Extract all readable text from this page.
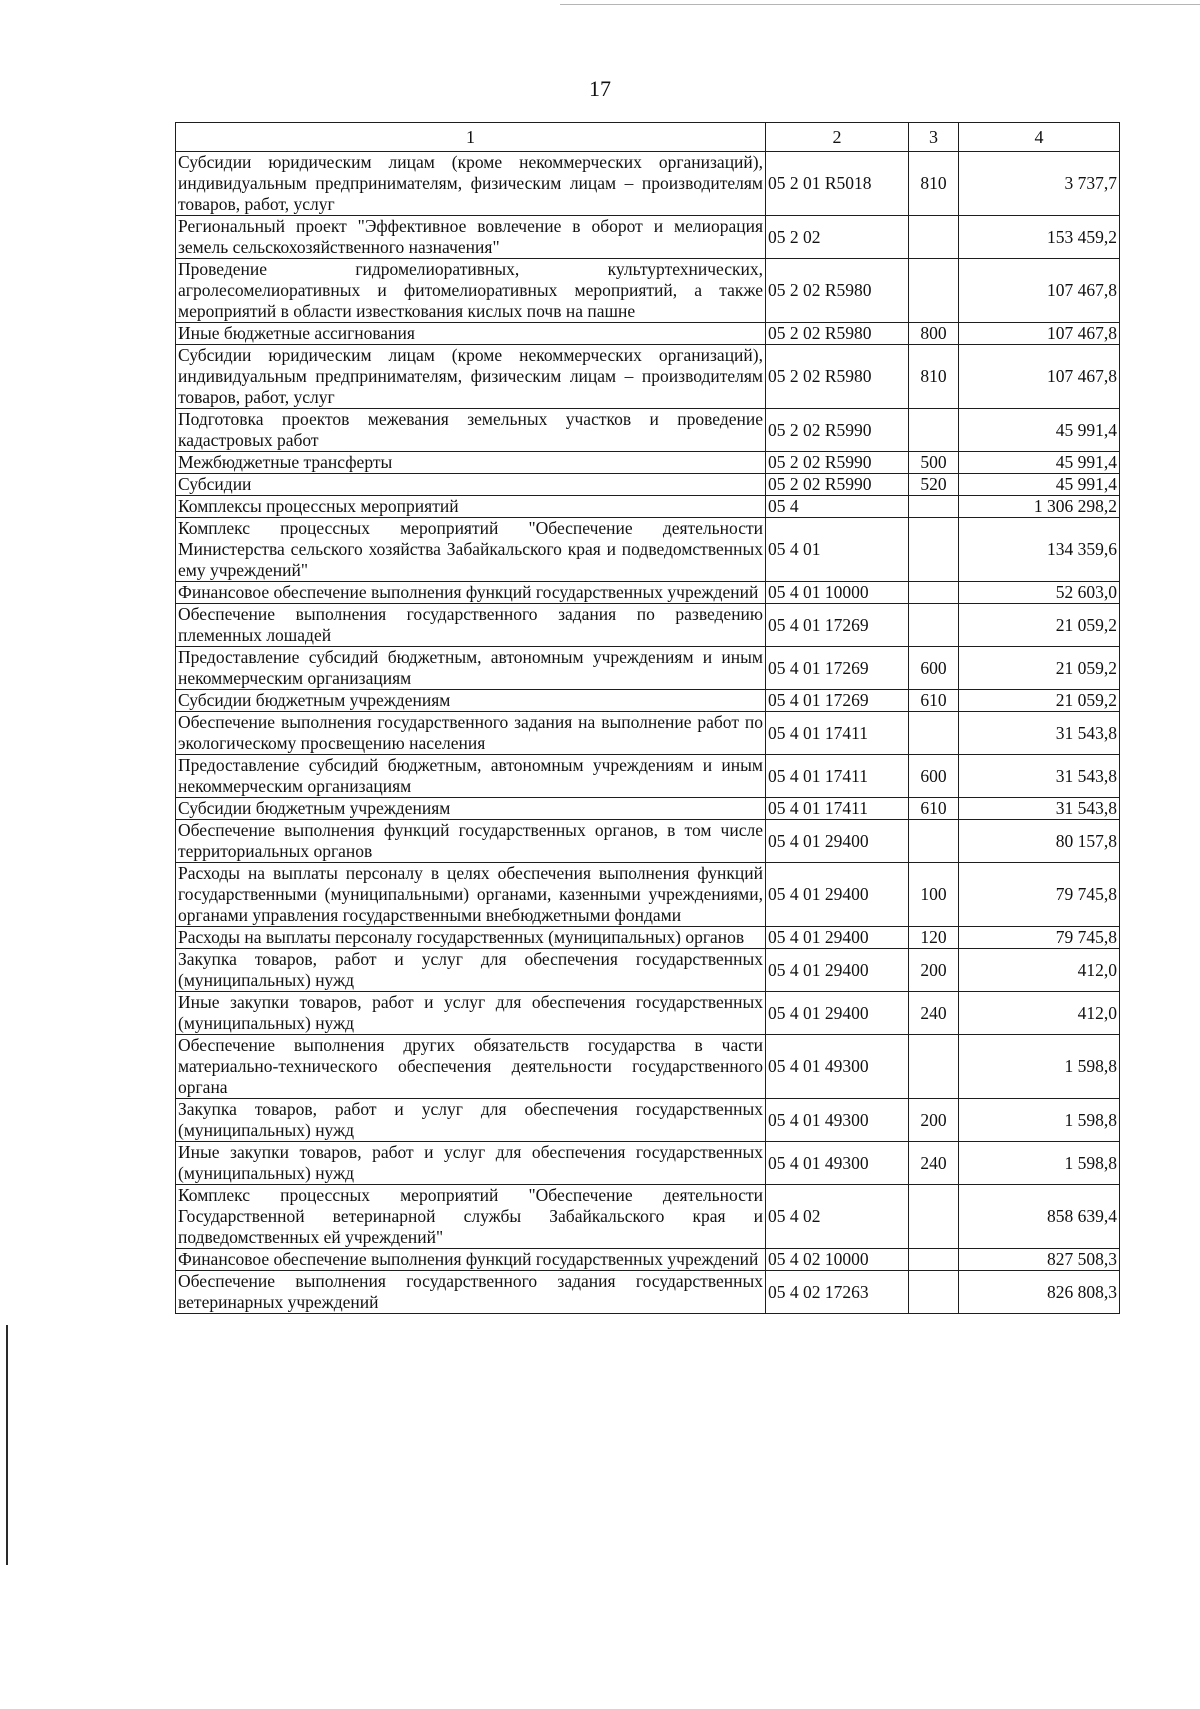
17
1	2	3	4
Субсидии юридическим лицам (кроме некоммерческих организаций), индивидуальным предпринимателям, физическим лицам – производителям товаров, работ, услуг	05 2 01 R5018	810	3 737,7
Региональный проект "Эффективное вовлечение в оборот и мелиорация земель сельскохозяйственного назначения"	05 2 02		153 459,2
Проведение гидромелиоративных, культуртехнических, агролесомелиоративных и фитомелиоративных мероприятий, а также мероприятий в области известкования кислых почв на пашне	05 2 02 R5980		107 467,8
Иные бюджетные ассигнования	05 2 02 R5980	800	107 467,8
Субсидии юридическим лицам (кроме некоммерческих организаций), индивидуальным предпринимателям, физическим лицам – производителям товаров, работ, услуг	05 2 02 R5980	810	107 467,8
Подготовка проектов межевания земельных участков и проведение кадастровых работ	05 2 02 R5990		45 991,4
Межбюджетные трансферты	05 2 02 R5990	500	45 991,4
Субсидии	05 2 02 R5990	520	45 991,4
Комплексы процессных мероприятий	05 4		1 306 298,2
Комплекс процессных мероприятий "Обеспечение деятельности Министерства сельского хозяйства Забайкальского края и подведомственных ему учреждений"	05 4 01		134 359,6
Финансовое обеспечение выполнения функций государственных учреждений	05 4 01 10000		52 603,0
Обеспечение выполнения государственного задания по разведению племенных лошадей	05 4 01 17269		21 059,2
Предоставление субсидий бюджетным, автономным учреждениям и иным некоммерческим организациям	05 4 01 17269	600	21 059,2
Субсидии бюджетным учреждениям	05 4 01 17269	610	21 059,2
Обеспечение выполнения государственного задания на выполнение работ по экологическому просвещению населения	05 4 01 17411		31 543,8
Предоставление субсидий бюджетным, автономным учреждениям и иным некоммерческим организациям	05 4 01 17411	600	31 543,8
Субсидии бюджетным учреждениям	05 4 01 17411	610	31 543,8
Обеспечение выполнения функций государственных органов, в том числе территориальных органов	05 4 01 29400		80 157,8
Расходы на выплаты персоналу в целях обеспечения выполнения функций государственными (муниципальными) органами, казенными учреждениями, органами управления государственными внебюджетными фондами	05 4 01 29400	100	79 745,8
Расходы на выплаты персоналу государственных (муниципальных) органов	05 4 01 29400	120	79 745,8
Закупка товаров, работ и услуг для обеспечения государственных (муниципальных) нужд	05 4 01 29400	200	412,0
Иные закупки товаров, работ и услуг для обеспечения государственных (муниципальных) нужд	05 4 01 29400	240	412,0
Обеспечение выполнения других обязательств государства в части материально-технического обеспечения деятельности государственного органа	05 4 01 49300		1 598,8
Закупка товаров, работ и услуг для обеспечения государственных (муниципальных) нужд	05 4 01 49300	200	1 598,8
Иные закупки товаров, работ и услуг для обеспечения государственных (муниципальных) нужд	05 4 01 49300	240	1 598,8
Комплекс процессных мероприятий "Обеспечение деятельности Государственной ветеринарной службы Забайкальского края и подведомственных ей учреждений"	05 4 02		858 639,4
Финансовое обеспечение выполнения функций государственных учреждений	05 4 02 10000		827 508,3
Обеспечение выполнения государственного задания государственных ветеринарных учреждений	05 4 02 17263		826 808,3
